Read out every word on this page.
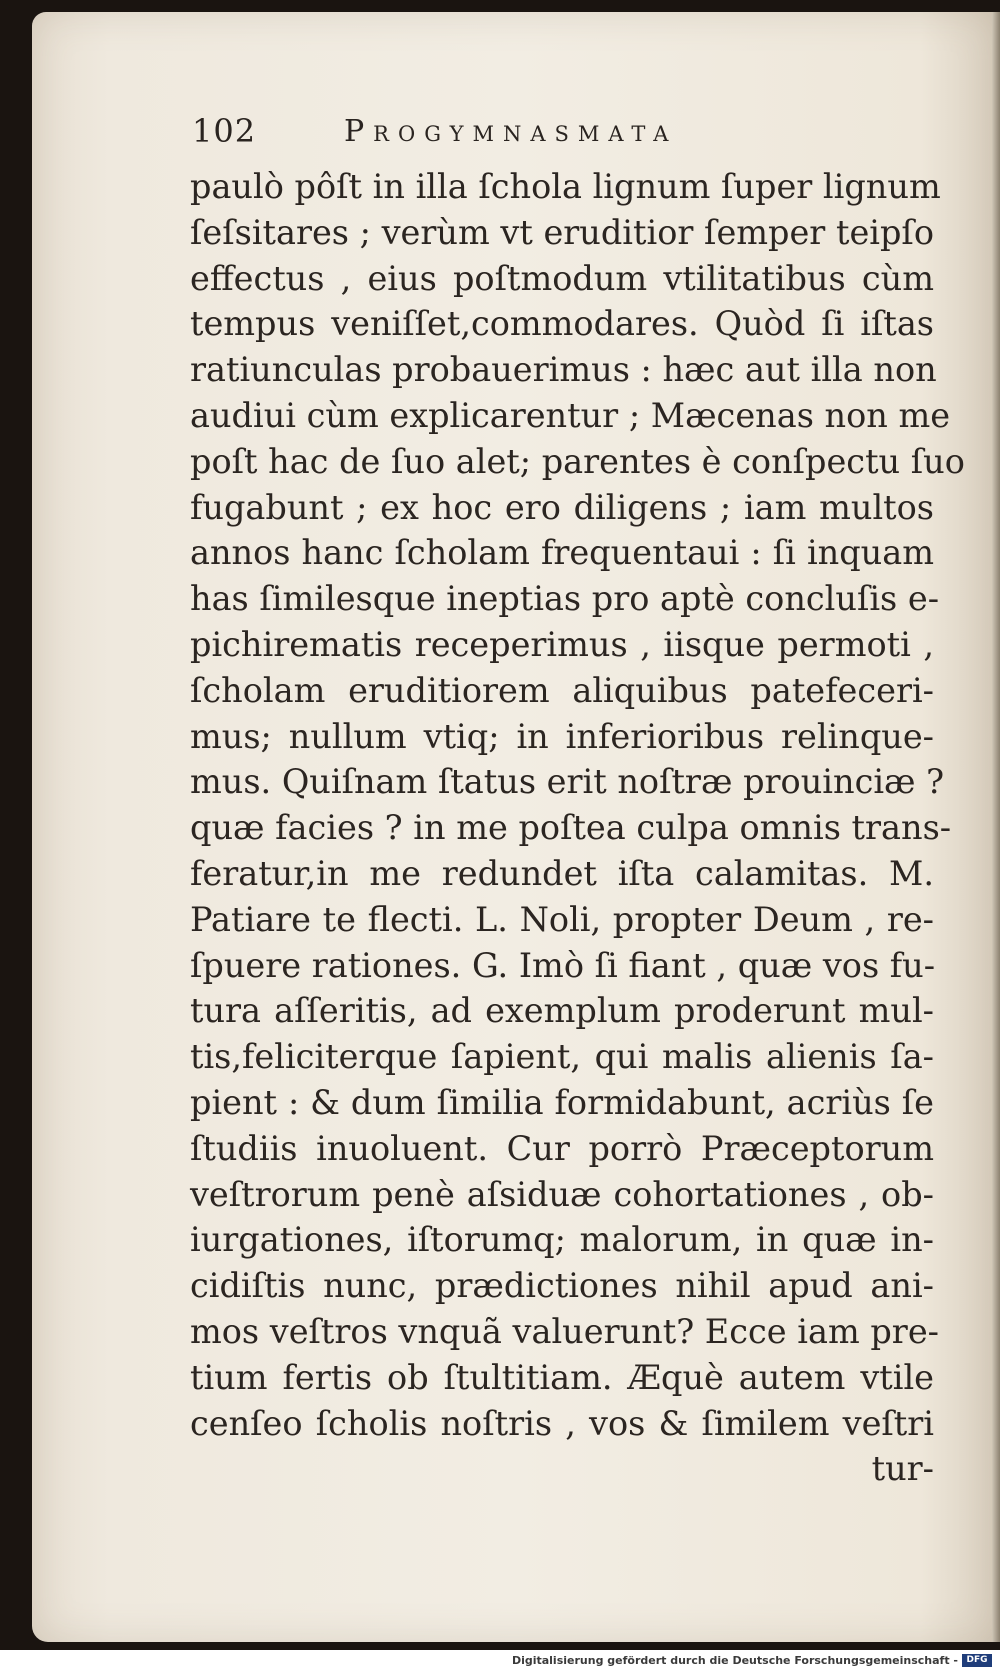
102	Progymnasmata
paulò pôſt in illa ſchola lignum ſuper lignum
ſeſsitares ; verùm vt eruditior ſemper teipſo
effectus , eius poſtmodum vtilitatibus cùm
tempus veniſſet,commodares. Quòd ſi iſtas
ratiunculas probauerimus : hæc aut illa non
audiui cùm explicarentur ; Mæcenas non me
poſt hac de ſuo alet; parentes è conſpectu ſuo
fugabunt ; ex hoc ero diligens ; iam multos
annos hanc ſcholam frequentaui : ſi inquam
has ſimilesque ineptias pro aptè concluſis e-
pichirematis receperimus , iisque permoti ,
ſcholam eruditiorem aliquibus patefeceri-
mus; nullum vtiq; in inferioribus relinque-
mus. Quiſnam ſtatus erit noſtræ prouinciæ ?
quæ facies ? in me poſtea culpa omnis trans-
feratur,in me redundet iſta calamitas. M.
Patiare te flecti. L. Noli, propter Deum , re-
ſpuere rationes. G. Imò ſi fiant , quæ vos fu-
tura aſſeritis, ad exemplum proderunt mul-
tis,feliciterque ſapient, qui malis alienis ſa-
pient : & dum ſimilia formidabunt, acriùs ſe
ſtudiis inuoluent. Cur porrò Præceptorum
veſtrorum penè aſsiduæ cohortationes , ob-
iurgationes, iſtorumq; malorum, in quæ in-
cidiſtis nunc, prædictiones nihil apud ani-
mos veſtros vnquã valuerunt? Ecce iam pre-
tium fertis ob ſtultitiam. Æquè autem vtile
cenſeo ſcholis noſtris , vos & ſimilem veſtri
tur-
Digitalisierung gefördert durch die Deutsche Forschungsgemeinschaft - DFG
